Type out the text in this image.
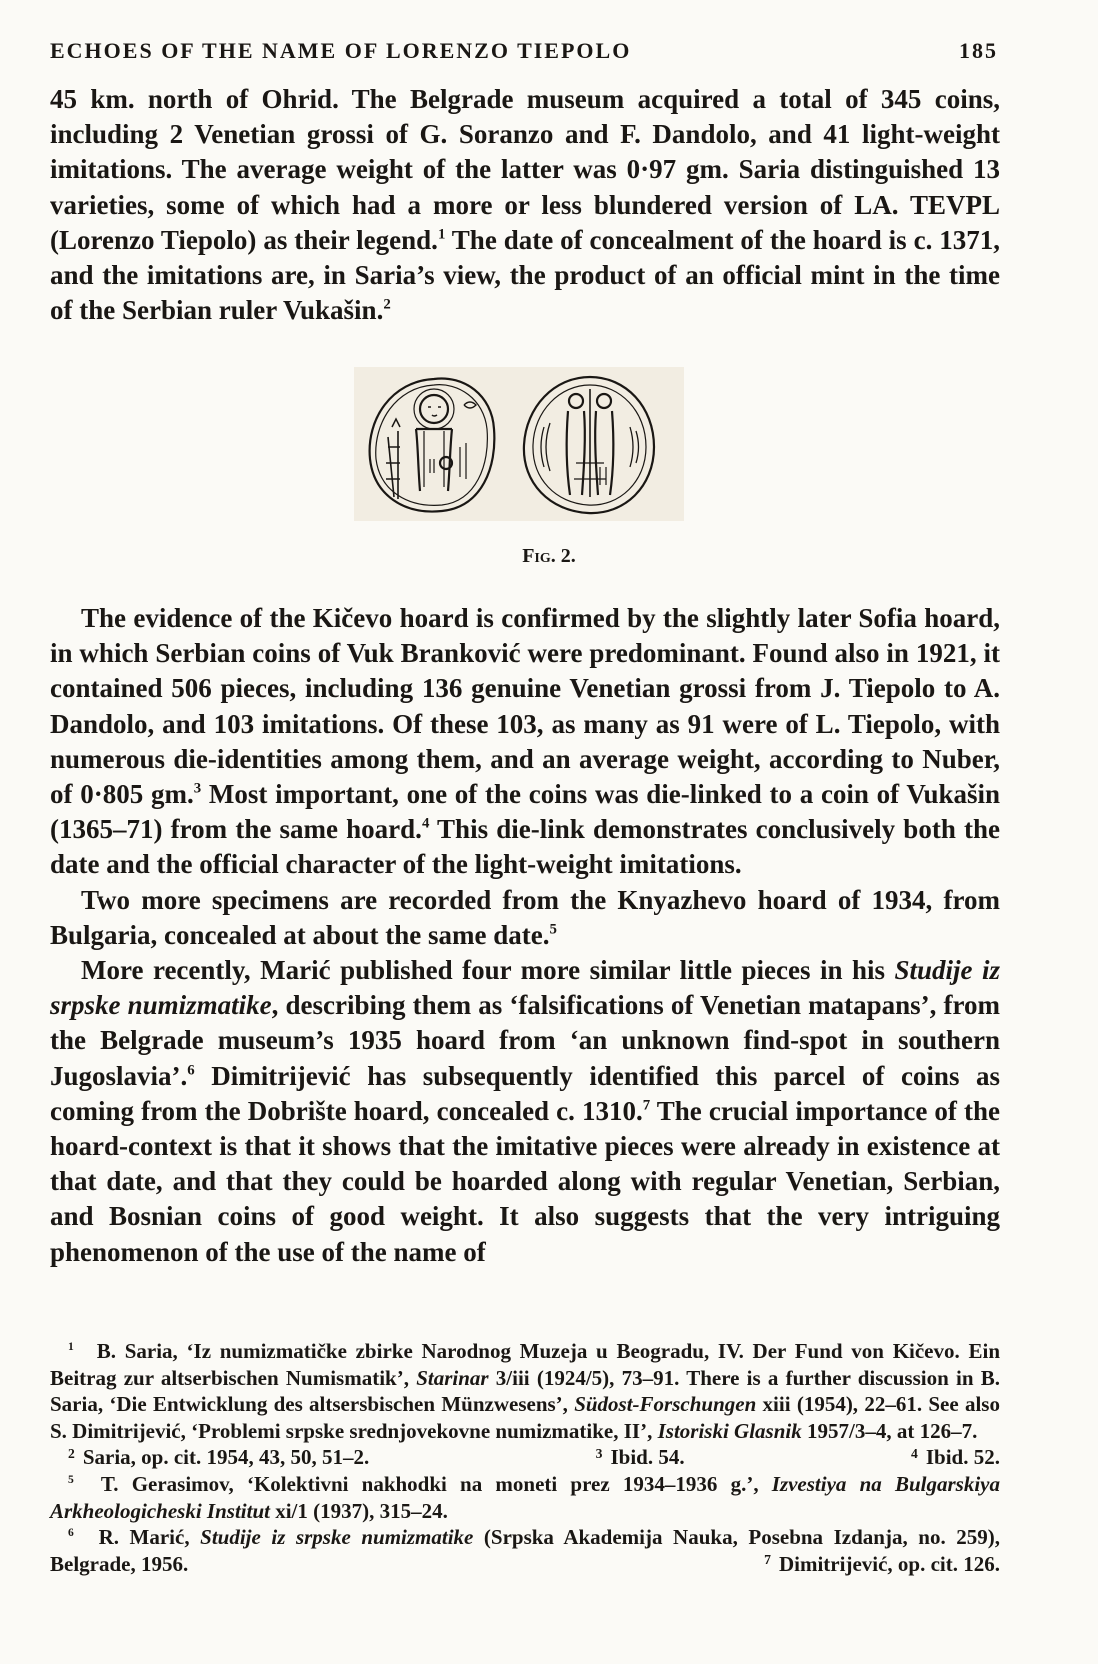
ECHOES OF THE NAME OF LORENZO TIEPOLO	185

45 km. north of Ohrid. The Belgrade museum acquired a total of 345 coins, including 2 Venetian grossi of G. Soranzo and F. Dandolo, and 41 light-weight imitations. The average weight of the latter was 0·97 gm. Saria distinguished 13 varieties, some of which had a more or less blundered version of LA. TEVPL (Lorenzo Tiepolo) as their legend.$^1$ The date of concealment of the hoard is c. 1371, and the imitations are, in Saria’s view, the product of an official mint in the time of the Serbian ruler Vukašin.$^2$

Fig. 2.

The evidence of the Kičevo hoard is confirmed by the slightly later Sofia hoard, in which Serbian coins of Vuk Branković were predominant. Found also in 1921, it contained 506 pieces, including 136 genuine Venetian grossi from J. Tiepolo to A. Dandolo, and 103 imitations. Of these 103, as many as 91 were of L. Tiepolo, with numerous die-identities among them, and an average weight, according to Nuber, of 0·805 gm.$^3$ Most important, one of the coins was die-linked to a coin of Vukašin (1365–71) from the same hoard.$^4$ This die-link demonstrates conclusively both the date and the official character of the light-weight imitations.

Two more specimens are recorded from the Knyazhevo hoard of 1934, from Bulgaria, concealed at about the same date.$^5$

More recently, Marić published four more similar little pieces in his Studije iz srpske numizmatike, describing them as ‘falsifications of Venetian matapans’, from the Belgrade museum’s 1935 hoard from ‘an unknown find-spot in southern Jugoslavia’.$^6$ Dimitrijević has subsequently identified this parcel of coins as coming from the Dobrište hoard, concealed c. 1310.$^7$ The crucial importance of the hoard-context is that it shows that the imitative pieces were already in existence at that date, and that they could be hoarded along with regular Venetian, Serbian, and Bosnian coins of good weight. It also suggests that the very intriguing phenomenon of the use of the name of

$^1$ B. Saria, ‘Iz numizmatičke zbirke Narodnog Muzeja u Beogradu, IV. Der Fund von Kičevo. Ein Beitrag zur altserbischen Numismatik’, Starinar 3/iii (1924/5), 73–91. There is a further discussion in B. Saria, ‘Die Entwicklung des altsersbischen Münzwesens’, Südost-Forschungen xiii (1954), 22–61. See also S. Dimitrijević, ‘Problemi srpske srednjovekovne numizmatike, II’, Istoriski Glasnik 1957/3–4, at 126–7.

$^2$ Saria, op. cit. 1954, 43, 50, 51–2.	$^3$ Ibid. 54.	$^4$ Ibid. 52.

$^5$ T. Gerasimov, ‘Kolektivni nakhodki na moneti prez 1934–1936 g.’, Izvestiya na Bulgarskiya Arkheologicheski Institut xi/1 (1937), 315–24.

$^6$ R. Marić, Studije iz srpske numizmatike (Srpska Akademija Nauka, Posebna Izdanja, no. 259), Belgrade, 1956.	$^7$ Dimitrijević, op. cit. 126.
